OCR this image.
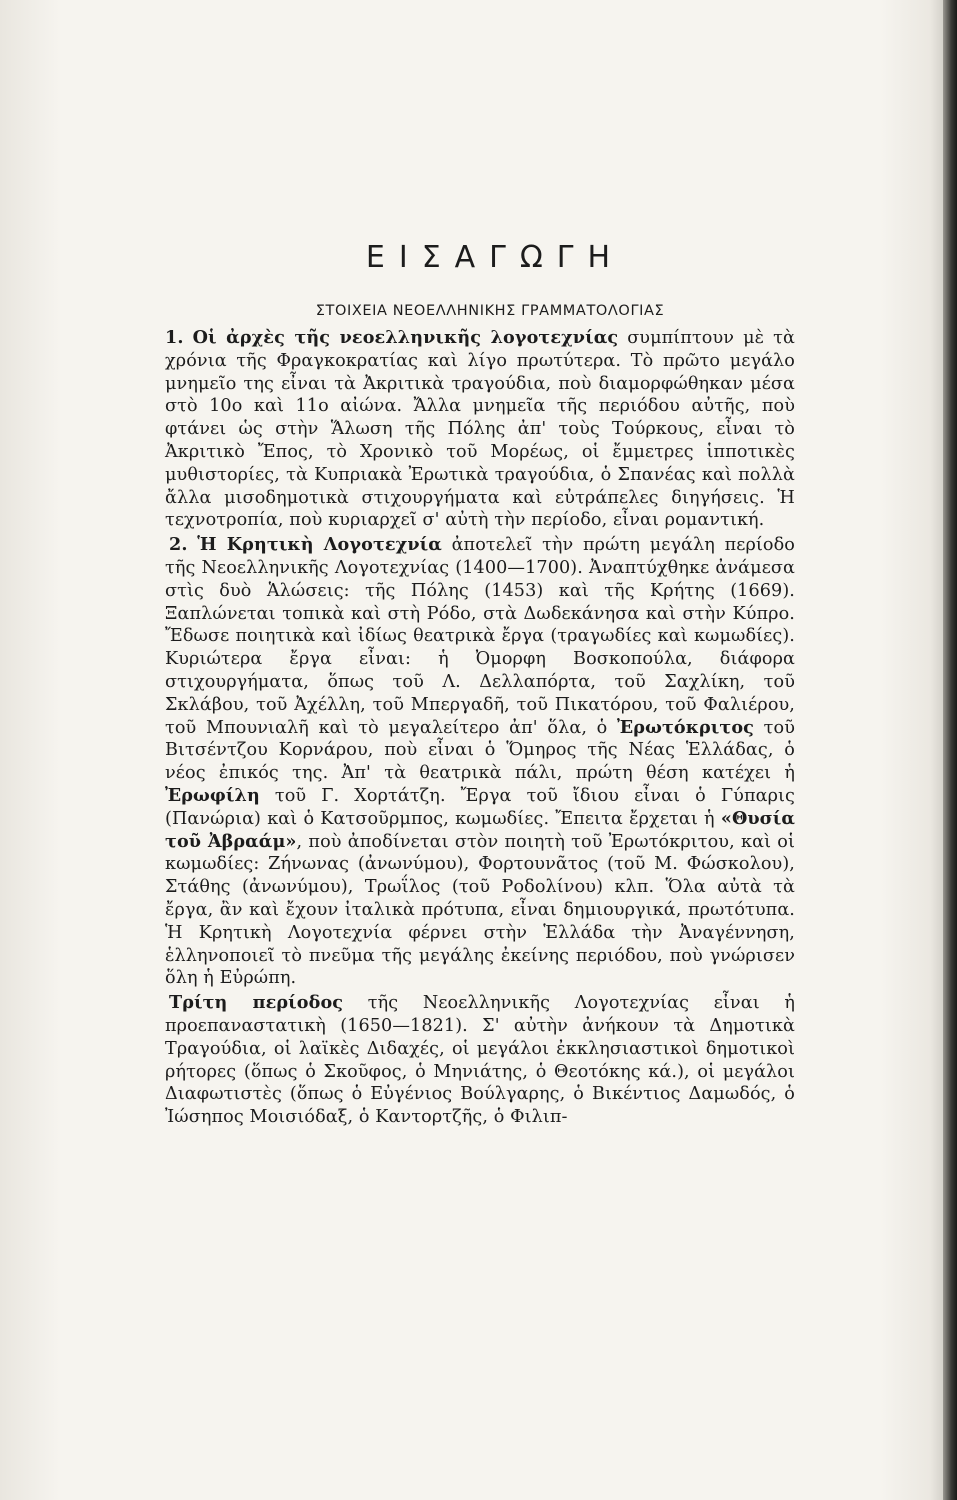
ΕΙΣΑΓΩΓΗ
ΣΤΟΙΧΕΙΑ ΝΕΟΕΛΛΗΝΙΚΗΣ ΓΡΑΜΜΑΤΟΛΟΓΙΑΣ

1. Οἱ ἀρχὲς τῆς νεοελληνικῆς λογοτεχνίας συμπίπτουν μὲ τὰ χρόνια τῆς Φραγκοκρατίας καὶ λίγο πρωτύτερα. Τὸ πρῶτο μεγάλο μνημεῖο της εἶναι τὰ Ἀκριτικὰ τραγούδια, ποὺ διαμορφώθηκαν μέσα στὸ 10ο καὶ 11ο αἰώνα. Ἄλλα μνημεῖα τῆς περιόδου αὐτῆς, ποὺ φτάνει ὡς στὴν Ἅλωση τῆς Πόλης ἀπ' τοὺς Τούρκους, εἶναι τὸ Ἀκριτικὸ Ἔπος, τὸ Χρονικὸ τοῦ Μορέως, οἱ ἔμμετρες ἱπποτικὲς μυθιστορίες, τὰ Κυπριακὰ Ἐρωτικὰ τραγούδια, ὁ Σπανέας καὶ πολλὰ ἄλλα μισοδημοτικὰ στιχουργήματα καὶ εὐτράπελες διηγήσεις. Ἡ τεχνοτροπία, ποὺ κυριαρχεῖ σ' αὐτὴ τὴν περίοδο, εἶναι ρομαντική.

2. Ἡ Κρητικὴ Λογοτεχνία ἀποτελεῖ τὴν πρώτη μεγάλη περίοδο τῆς Νεοελληνικῆς Λογοτεχνίας (1400—1700). Ἀναπτύχθηκε ἀνάμεσα στὶς δυὸ Ἁλώσεις: τῆς Πόλης (1453) καὶ τῆς Κρήτης (1669). Ξαπλώνεται τοπικὰ καὶ στὴ Ρόδο, στὰ Δωδεκάνησα καὶ στὴν Κύπρο. Ἔδωσε ποιητικὰ καὶ ἰδίως θεατρικὰ ἔργα (τραγωδίες καὶ κωμωδίες). Κυριώτερα ἔργα εἶναι: ἡ Ὀμορφη Βοσκοπούλα, διάφορα στιχουργήματα, ὅπως τοῦ Λ. Δελλαπόρτα, τοῦ Σαχλίκη, τοῦ Σκλάβου, τοῦ Ἀχέλλη, τοῦ Μπεργαδῆ, τοῦ Πικατόρου, τοῦ Φαλιέρου, τοῦ Μπουνιαλῆ καὶ τὸ μεγαλείτερο ἀπ' ὅλα, ὁ Ἐρωτόκριτος τοῦ Βιτσέντζου Κορνάρου, ποὺ εἶναι ὁ Ὅμηρος τῆς Νέας Ἑλλάδας, ὁ νέος ἐπικός της. Ἀπ' τὰ θεατρικὰ πάλι, πρώτη θέση κατέχει ἡ Ἐρωφίλη τοῦ Γ. Χορτάτζη. Ἔργα τοῦ ἴδιου εἶναι ὁ Γύπαρις (Πανώρια) καὶ ὁ Κατσοῦρμπος, κωμωδίες. Ἔπειτα ἔρχεται ἡ «Θυσία τοῦ Ἀβραάμ», ποὺ ἀποδίνεται στὸν ποιητὴ τοῦ Ἐρωτόκριτου, καὶ οἱ κωμωδίες: Ζήνωνας (ἀνωνύμου), Φορτουνᾶτος (τοῦ Μ. Φώσκολου), Στάθης (ἀνωνύμου), Τρωΐλος (τοῦ Ροδολίνου) κλπ. Ὅλα αὐτὰ τὰ ἔργα, ἂν καὶ ἔχουν ἰταλικὰ πρότυπα, εἶναι δημιουργικά, πρωτότυπα. Ἡ Κρητικὴ Λογοτεχνία φέρνει στὴν Ἑλλάδα τὴν Ἀναγέννηση, ἑλληνοποιεῖ τὸ πνεῦμα τῆς μεγάλης ἐκείνης περιόδου, ποὺ γνώρισεν ὅλη ἡ Εὐρώπη.

Τρίτη περίοδος τῆς Νεοελληνικῆς Λογοτεχνίας εἶναι ἡ προεπαναστατικὴ (1650—1821). Σ' αὐτὴν ἀνήκουν τὰ Δημοτικὰ Τραγούδια, οἱ λαϊκὲς Διδαχές, οἱ μεγάλοι ἐκκλησιαστικοὶ δημοτικοὶ ρήτορες (ὅπως ὁ Σκοῦφος, ὁ Μηνιάτης, ὁ Θεοτόκης κά.), οἱ μεγάλοι Διαφωτιστὲς (ὅπως ὁ Εὐγένιος Βούλγαρης, ὁ Βικέντιος Δαμωδός, ὁ Ἰώσηπος Μοισιόδαξ, ὁ Καντορτζῆς, ὁ Φιλιπ-
